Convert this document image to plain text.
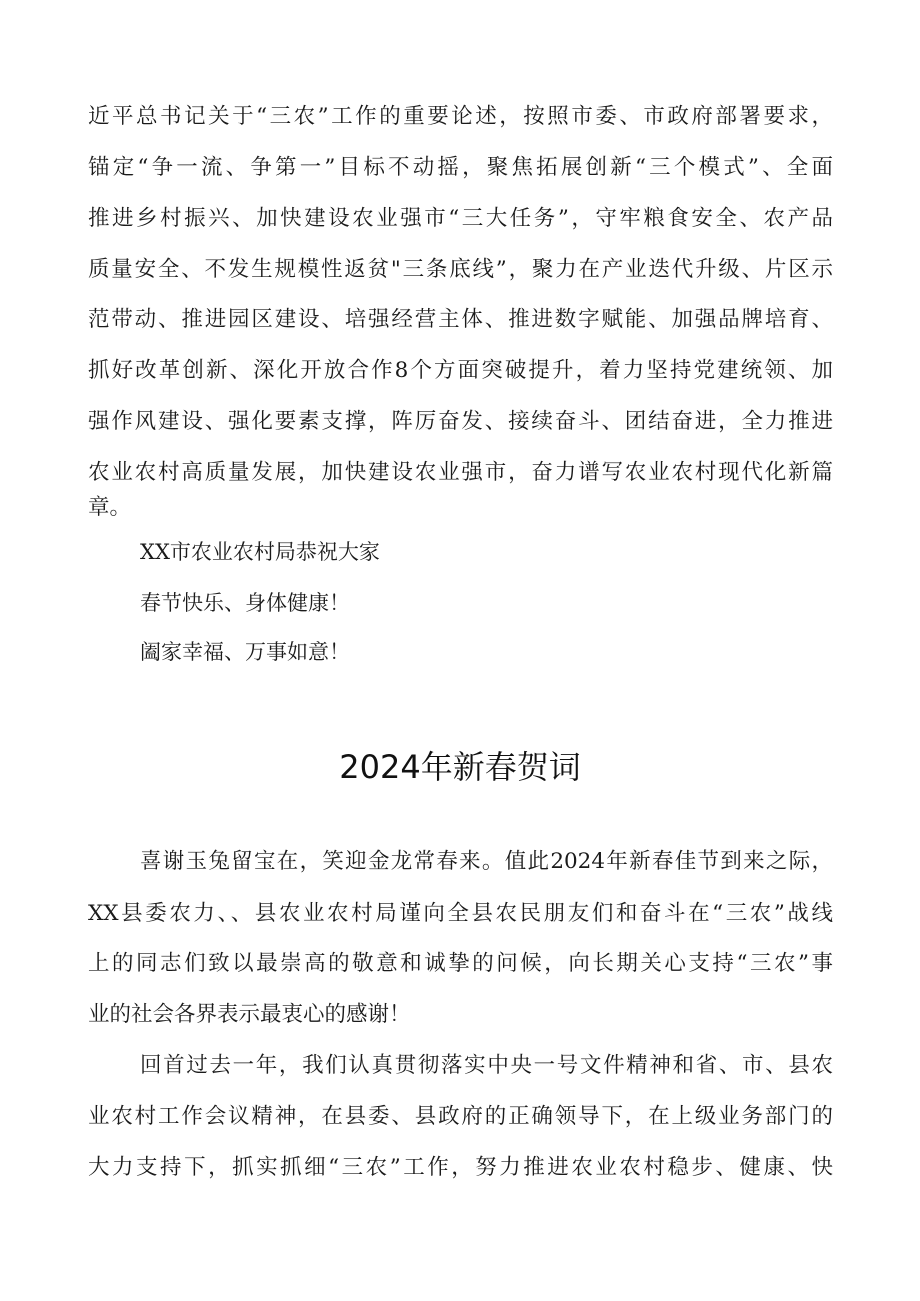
近平总书记关于“三农”工作的重要论述，按照市委、市政府部署要求，
锚定“争一流、争第一”目标不动摇，聚焦拓展创新“三个模式”、全面
推进乡村振兴、加快建设农业强市“三大任务”，守牢粮食安全、农产品
质量安全、不发生规模性返贫"三条底线”，聚力在产业迭代升级、片区示
范带动、推进园区建设、培强经营主体、推进数字赋能、加强品牌培育、
抓好改革创新、深化开放合作8个方面突破提升，着力坚持党建统领、加
强作风建设、强化要素支撑，阵厉奋发、接续奋斗、团结奋进，全力推进
农业农村高质量发展，加快建设农业强市，奋力谱写农业农村现代化新篇
章。
XX市农业农村局恭祝大家
春节快乐、身体健康！
阖家幸福、万事如意！
2024年新春贺词
喜谢玉兔留宝在，笑迎金龙常春来。值此2024年新春佳节到来之际，
XX县委农力、、县农业农村局谨向全县农民朋友们和奋斗在“三农”战线
上的同志们致以最崇高的敬意和诚挚的问候，向长期关心支持“三农”事
业的社会各界表示最衷心的感谢！
回首过去一年，我们认真贯彻落实中央一号文件精神和省、市、县农
业农村工作会议精神，在县委、县政府的正确领导下，在上级业务部门的
大力支持下，抓实抓细“三农”工作，努力推进农业农村稳步、健康、快
